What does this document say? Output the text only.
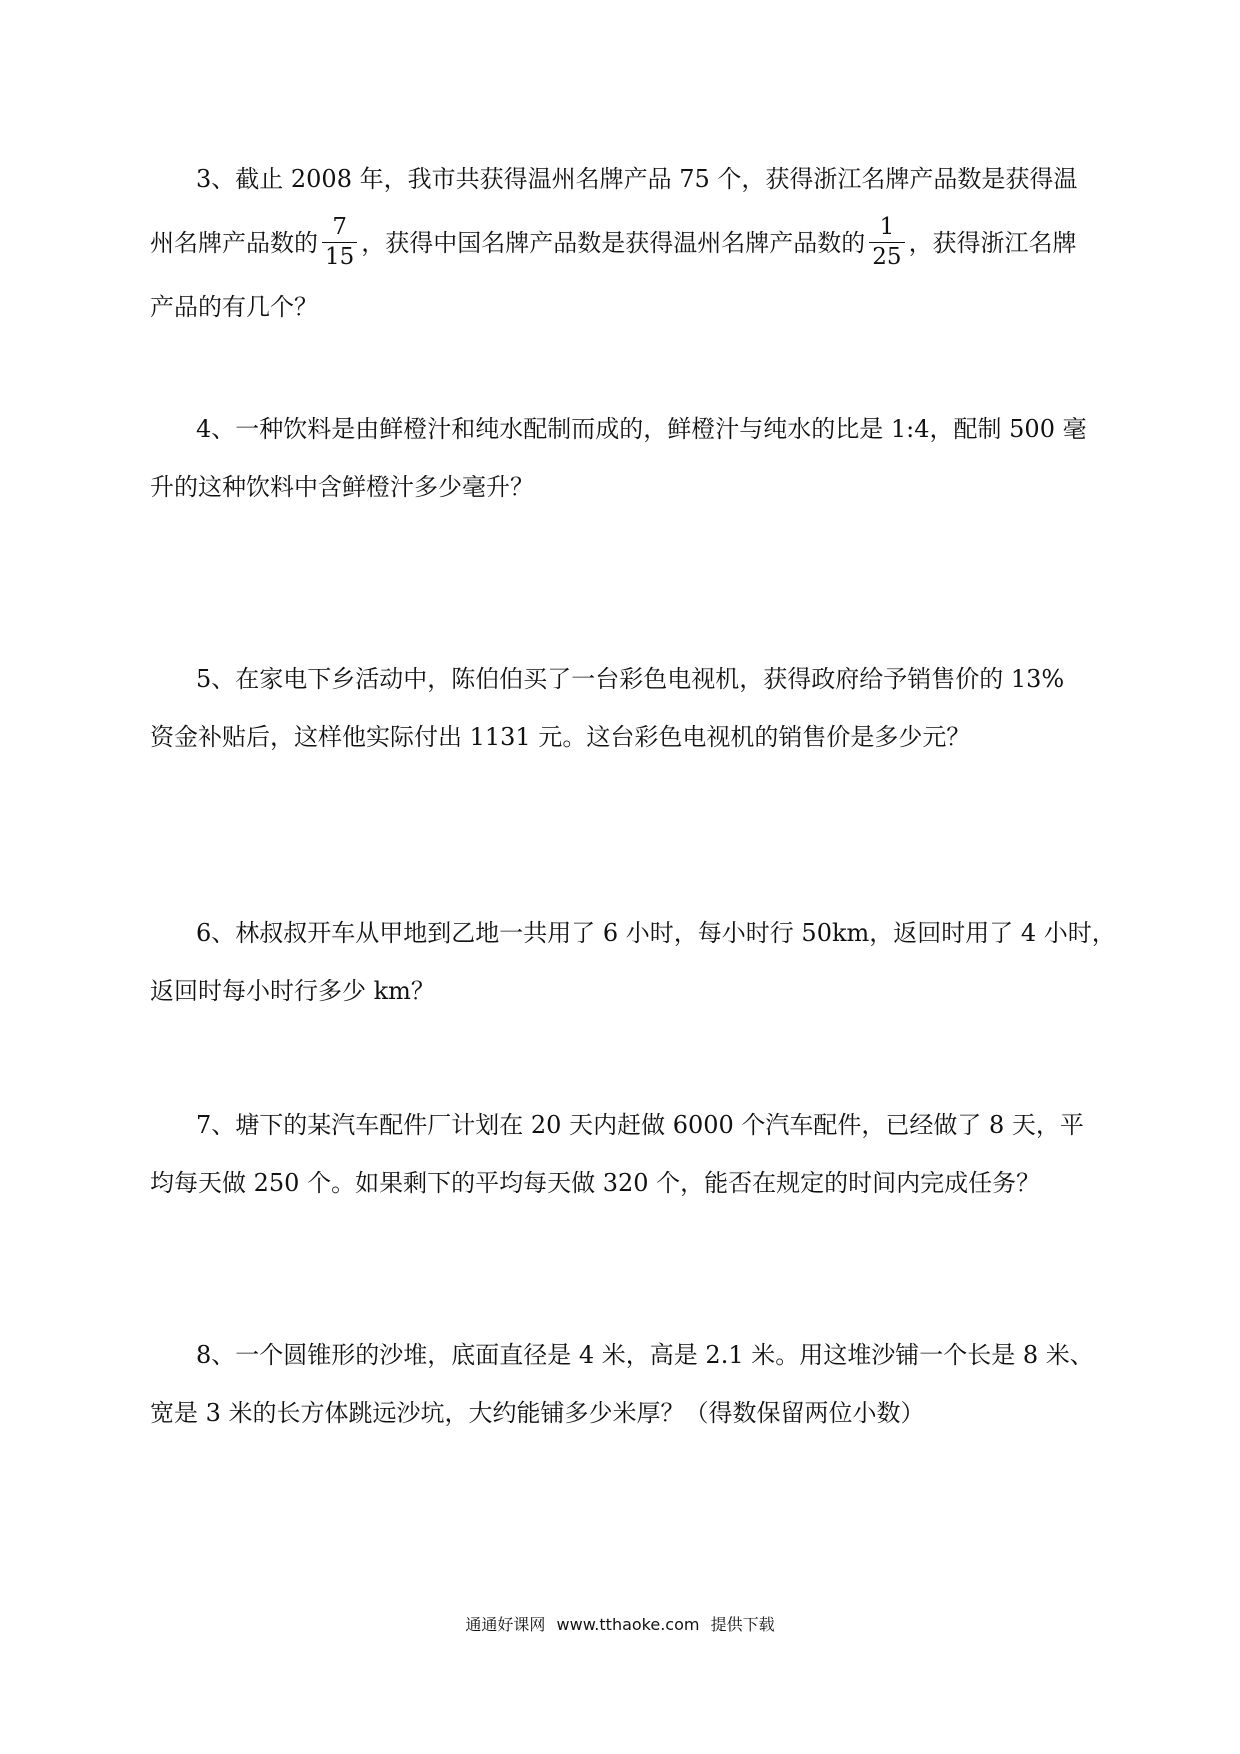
3、截止 2008 年，我市共获得温州名牌产品 75 个，获得浙江名牌产品数是获得温
州名牌产品数的 $\frac{7}{15}$ ，获得中国名牌产品数是获得温州名牌产品数的 $\frac{1}{25}$ ，获得浙江名牌
产品的有几个？
4、一种饮料是由鲜橙汁和纯水配制而成的，鲜橙汁与纯水的比是 1:4，配制 500 毫
升的这种饮料中含鲜橙汁多少毫升？
5、在家电下乡活动中，陈伯伯买了一台彩色电视机，获得政府给予销售价的 13%
资金补贴后，这样他实际付出 1131 元。这台彩色电视机的销售价是多少元？
6、林叔叔开车从甲地到乙地一共用了 6 小时，每小时行 50km，返回时用了 4 小时，
返回时每小时行多少 km？
7、塘下的某汽车配件厂计划在 20 天内赶做 6000 个汽车配件，已经做了 8 天，平
均每天做 250 个。如果剩下的平均每天做 320 个，能否在规定的时间内完成任务？
8、一个圆锥形的沙堆，底面直径是 4 米，高是 2.1 米。用这堆沙铺一个长是 8 米、
宽是 3 米的长方体跳远沙坑，大约能铺多少米厚？（得数保留两位小数）
通通好课网 www.tthaoke.com 提供下载
